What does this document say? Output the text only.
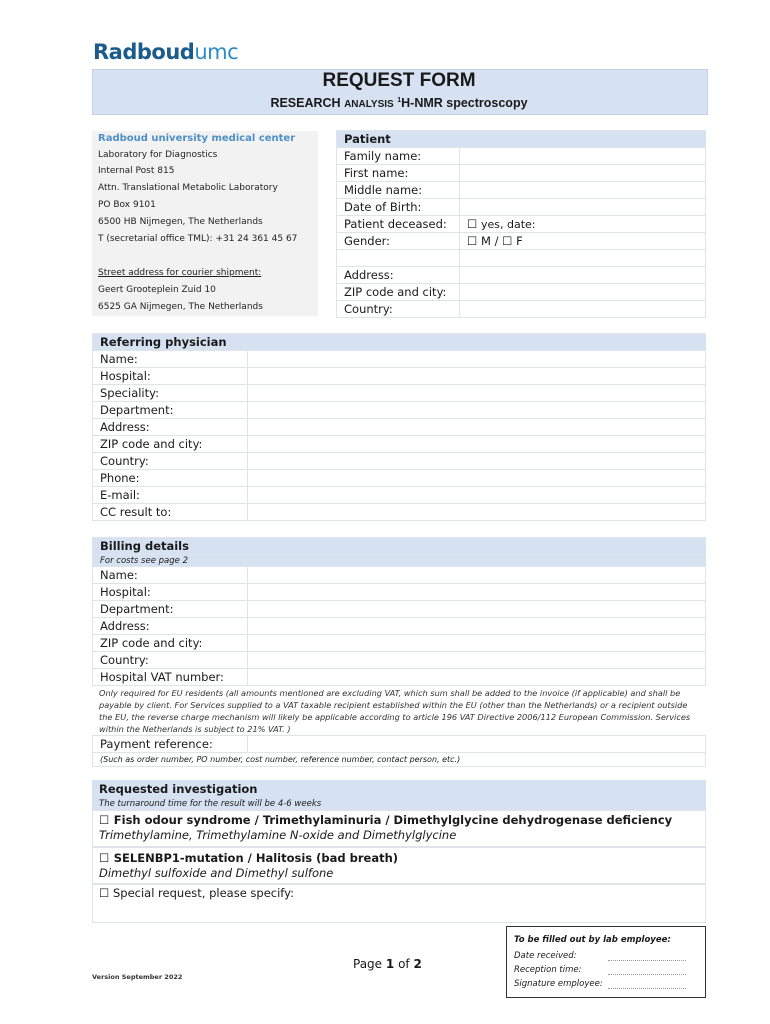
Radboudumc
REQUEST FORM
RESEARCH ANALYSIS $^1$H-NMR spectroscopy
Radboud university medical center
Laboratory for Diagnostics
Internal Post 815
Attn. Translational Metabolic Laboratory
PO Box 9101
6500 HB Nijmegen, The Netherlands
T (secretarial office TML): +31 24 361 45 67
Street address for courier shipment:
Geert Grooteplein Zuid 10
6525 GA Nijmegen, The Netherlands
Patient	
Family name:	
First name:	
Middle name:	
Date of Birth:	
Patient deceased:	☐ yes, date:
Gender:	☐ M / ☐ F

Address:	
ZIP code and city:	
Country:	
Referring physician	
Name:	
Hospital:	
Speciality:	
Department:	
Address:	
ZIP code and city:	
Country:	
Phone:	
E-mail:	
CC result to:	
Billing details	
For costs see page 2	
Name:	
Hospital:	
Department:	
Address:	
ZIP code and city:	
Country:	
Hospital VAT number:	
Only required for EU residents (all amounts mentioned are excluding VAT, which sum shall be added to the invoice (if applicable) and shall be payable by client. For Services supplied to a VAT taxable recipient established within the EU (other than the Netherlands) or a recipient outside the EU, the reverse charge mechanism will likely be applicable according to article 196 VAT Directive 2006/112 European Commission. Services within the Netherlands is subject to 21% VAT. )
Payment reference:	
(Such as order number, PO number, cost number, reference number, contact person, etc.)
Requested investigation
The turnaround time for the result will be 4-6 weeks
☐ Fish odour syndrome / Trimethylaminuria / Dimethylglycine dehydrogenase deficiency
Trimethylamine, Trimethylamine N-oxide and Dimethylglycine
☐ SELENBP1-mutation / Halitosis (bad breath)
Dimethyl sulfoxide and Dimethyl sulfone
☐ Special request, please specify:
To be filled out by lab employee:
Date received:
Reception time:
Signature employee:
Page 1 of 2
Version September 2022
